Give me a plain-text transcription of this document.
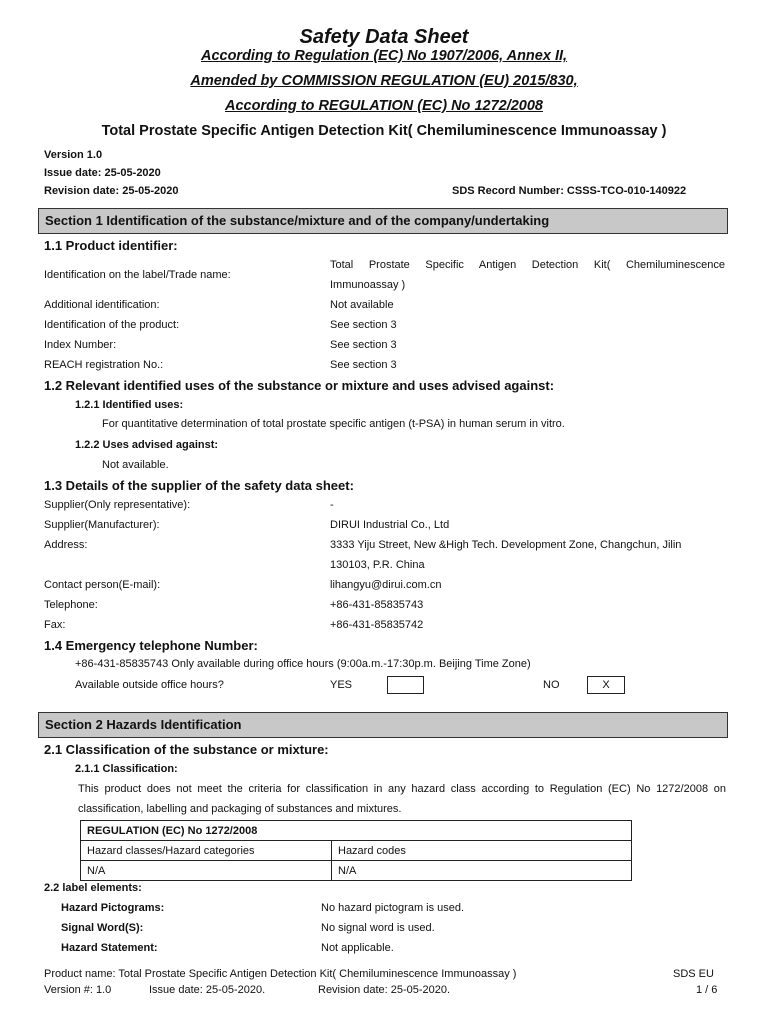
Safety Data Sheet
According to Regulation (EC) No 1907/2006, Annex II,
Amended by COMMISSION REGULATION (EU) 2015/830,
According to REGULATION (EC) No 1272/2008
Total Prostate Specific Antigen Detection Kit( Chemiluminescence Immunoassay )
Version 1.0
Issue date: 25-05-2020
Revision date: 25-05-2020	SDS Record Number: CSSS-TCO-010-140922
Section 1 Identification of the substance/mixture and of the company/undertaking
1.1 Product identifier:
Identification on the label/Trade name:
Total Prostate Specific Antigen Detection Kit( Chemiluminescence
Immunoassay )
Additional identification:	Not available
Identification of the product:	See section 3
Index Number:	See section 3
REACH registration No.:	See section 3
1.2 Relevant identified uses of the substance or mixture and uses advised against:
1.2.1 Identified uses:
For quantitative determination of total prostate specific antigen (t-PSA) in human serum in vitro.
1.2.2 Uses advised against:
Not available.
1.3 Details of the supplier of the safety data sheet:
Supplier(Only representative):	-
Supplier(Manufacturer):	DIRUI Industrial Co., Ltd
Address:	3333 Yiju Street, New &High Tech. Development Zone, Changchun, Jilin
130103, P.R. China
Contact person(E-mail):	lihangyu@dirui.com.cn
Telephone:	+86-431-85835743
Fax:	+86-431-85835742
1.4 Emergency telephone Number:
+86-431-85835743 Only available during office hours (9:00a.m.-17:30p.m. Beijing Time Zone)
Available outside office hours?	YES	NO	X
Section 2 Hazards Identification
2.1 Classification of the substance or mixture:
2.1.1 Classification:
This product does not meet the criteria for classification in any hazard class according to Regulation (EC) No 1272/2008 on
classification, labelling and packaging of substances and mixtures.
REGULATION (EC) No 1272/2008	
Hazard classes/Hazard categories	Hazard codes
N/A	N/A
2.2 label elements:
Hazard Pictograms:	No hazard pictogram is used.
Signal Word(S):	No signal word is used.
Hazard Statement:	Not applicable.
Product name: Total Prostate Specific Antigen Detection Kit( Chemiluminescence Immunoassay )	SDS EU
Version #: 1.0	Issue date: 25-05-2020.	Revision date: 25-05-2020.	1 / 6
